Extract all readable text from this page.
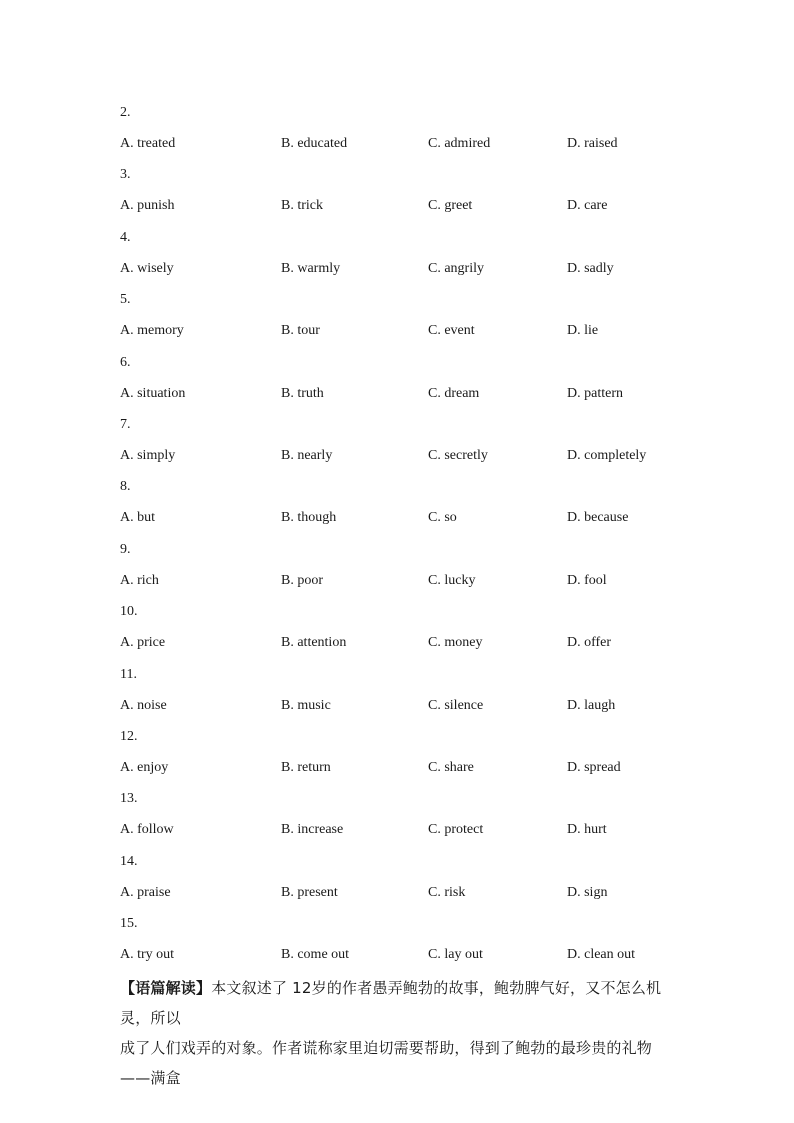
2.
A. treated	B. educated	C. admired	D. raised
3.
A. punish	B. trick	C. greet	D. care
4.
A. wisely	B. warmly	C. angrily	D. sadly
5.
A. memory	B. tour	C. event	D. lie
6.
A. situation	B. truth	C. dream	D. pattern
7.
A. simply	B. nearly	C. secretly	D. completely
8.
A. but	B. though	C. so	D. because
9.
A. rich	B. poor	C. lucky	D. fool
10.
A. price	B. attention	C. money	D. offer
11.
A. noise	B. music	C. silence	D. laugh
12.
A. enjoy	B. return	C. share	D. spread
13.
A. follow	B. increase	C. protect	D. hurt
14.
A. praise	B. present	C. risk	D. sign
15.
A. try out	B. come out	C. lay out	D. clean out

【语篇解读】本文叙述了 12岁的作者愚弄鲍勃的故事，鲍勃脾气好，又不怎么机灵，所以

成了人们戏弄的对象。作者谎称家里迫切需要帮助，得到了鲍勃的最珍贵的礼物——满盒
